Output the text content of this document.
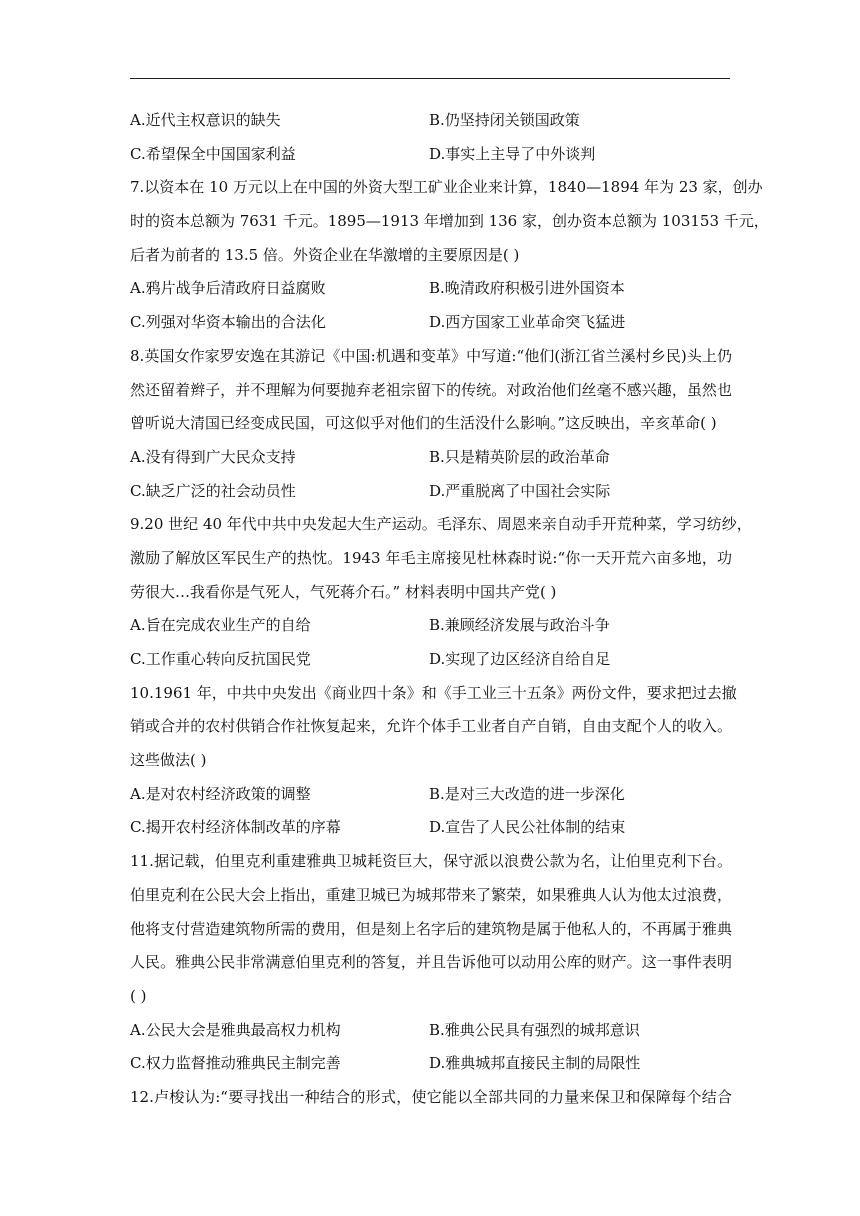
A.近代主权意识的缺失	B.仍坚持闭关锁国政策
C.希望保全中国国家利益	D.事实上主导了中外谈判
7.以资本在 10 万元以上在中国的外资大型工矿业企业来计算，1840—1894 年为 23 家，创办
时的资本总额为 7631 千元。1895—1913 年增加到 136 家，创办资本总额为 103153 千元，
后者为前者的 13.5 倍。外资企业在华激增的主要原因是( )
A.鸦片战争后清政府日益腐败	B.晚清政府积极引进外国资本
C.列强对华资本输出的合法化	D.西方国家工业革命突飞猛进
8.英国女作家罗安逸在其游记《中国:机遇和变革》中写道:“他们(浙江省兰溪村乡民)头上仍
然还留着辫子，并不理解为何要抛弃老祖宗留下的传统。对政治他们丝毫不感兴趣，虽然也
曾听说大清国已经变成民国，可这似乎对他们的生活没什么影响。”这反映出，辛亥革命( )
A.没有得到广大民众支持	B.只是精英阶层的政治革命
C.缺乏广泛的社会动员性	D.严重脱离了中国社会实际
9.20 世纪 40 年代中共中央发起大生产运动。毛泽东、周恩来亲自动手开荒种菜，学习纺纱，
激励了解放区军民生产的热忱。1943 年毛主席接见杜林森时说:“你一天开荒六亩多地，功
劳很大…我看你是气死人，气死蒋介石。” 材料表明中国共产党( )
A.旨在完成农业生产的自给	B.兼顾经济发展与政治斗争
C.工作重心转向反抗国民党	D.实现了边区经济自给自足
10.1961 年，中共中央发出《商业四十条》和《手工业三十五条》两份文件，要求把过去撤
销或合并的农村供销合作社恢复起来，允许个体手工业者自产自销，自由支配个人的收入。
这些做法( )
A.是对农村经济政策的调整	B.是对三大改造的进一步深化
C.揭开农村经济体制改革的序幕	D.宣告了人民公社体制的结束
11.据记载，伯里克利重建雅典卫城耗资巨大，保守派以浪费公款为名，让伯里克利下台。
伯里克利在公民大会上指出，重建卫城已为城邦带来了繁荣，如果雅典人认为他太过浪费，
他将支付营造建筑物所需的费用，但是刻上名字后的建筑物是属于他私人的，不再属于雅典
人民。雅典公民非常满意伯里克利的答复，并且告诉他可以动用公库的财产。这一事件表明
( )
A.公民大会是雅典最高权力机构	B.雅典公民具有强烈的城邦意识
C.权力监督推动雅典民主制完善	D.雅典城邦直接民主制的局限性
12.卢梭认为:“要寻找出一种结合的形式，使它能以全部共同的力量来保卫和保障每个结合
